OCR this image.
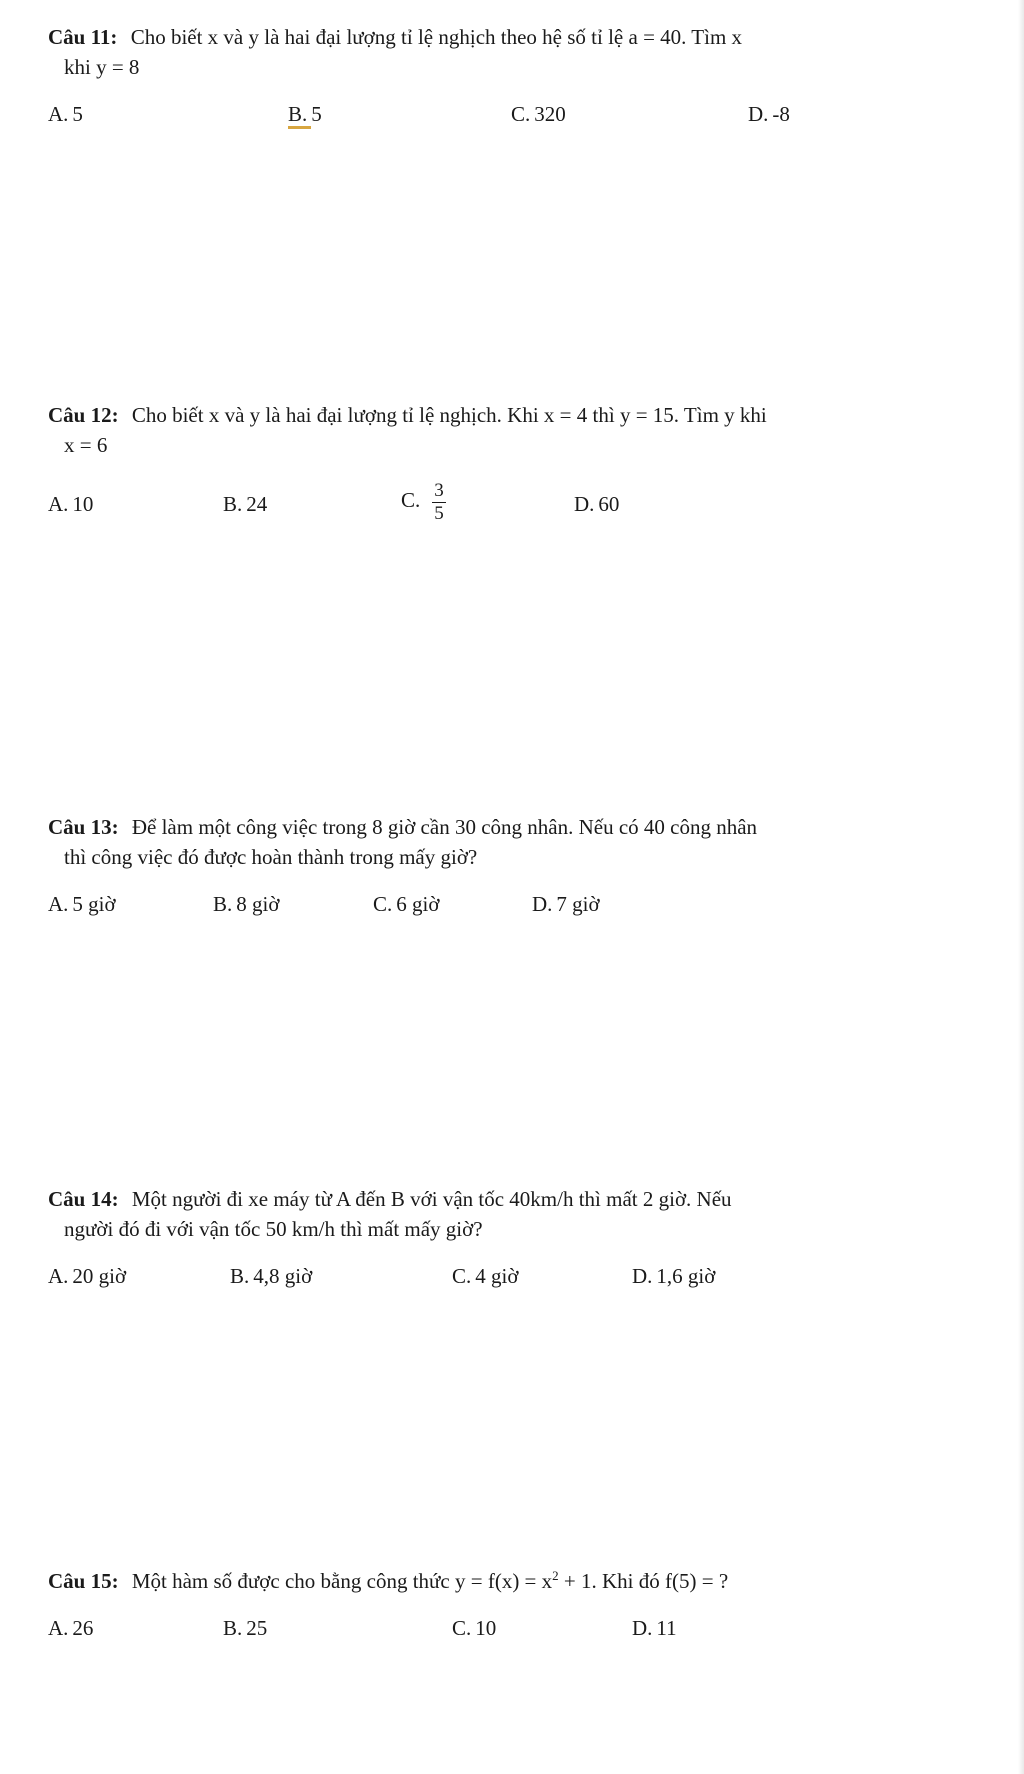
Câu 11: Cho biết x và y là hai đại lượng tỉ lệ nghịch theo hệ số tỉ lệ a = 40. Tìm x

khi y = 8

A. 5	B. 5	C. 320	D. -8

Câu 12: Cho biết x và y là hai đại lượng tỉ lệ nghịch. Khi x = 4 thì y = 15. Tìm y khi

x = 6

A. 10	B. 24	C. $\frac{3}{5}$	D. 60

Câu 13: Để làm một công việc trong 8 giờ cần 30 công nhân. Nếu có 40 công nhân

thì công việc đó được hoàn thành trong mấy giờ?

A. 5 giờ	B. 8 giờ	C. 6 giờ	D. 7 giờ

Câu 14: Một người đi xe máy từ A đến B với vận tốc 40km/h thì mất 2 giờ. Nếu

người đó đi với vận tốc 50 km/h thì mất mấy giờ?

A. 20 giờ	B. 4,8 giờ	C. 4 giờ	D. 1,6 giờ

Câu 15: Một hàm số được cho bằng công thức $y = f(x) = x^2 + 1$. Khi đó f(5) = ?

A. 26	B. 25	C. 10	D. 11
